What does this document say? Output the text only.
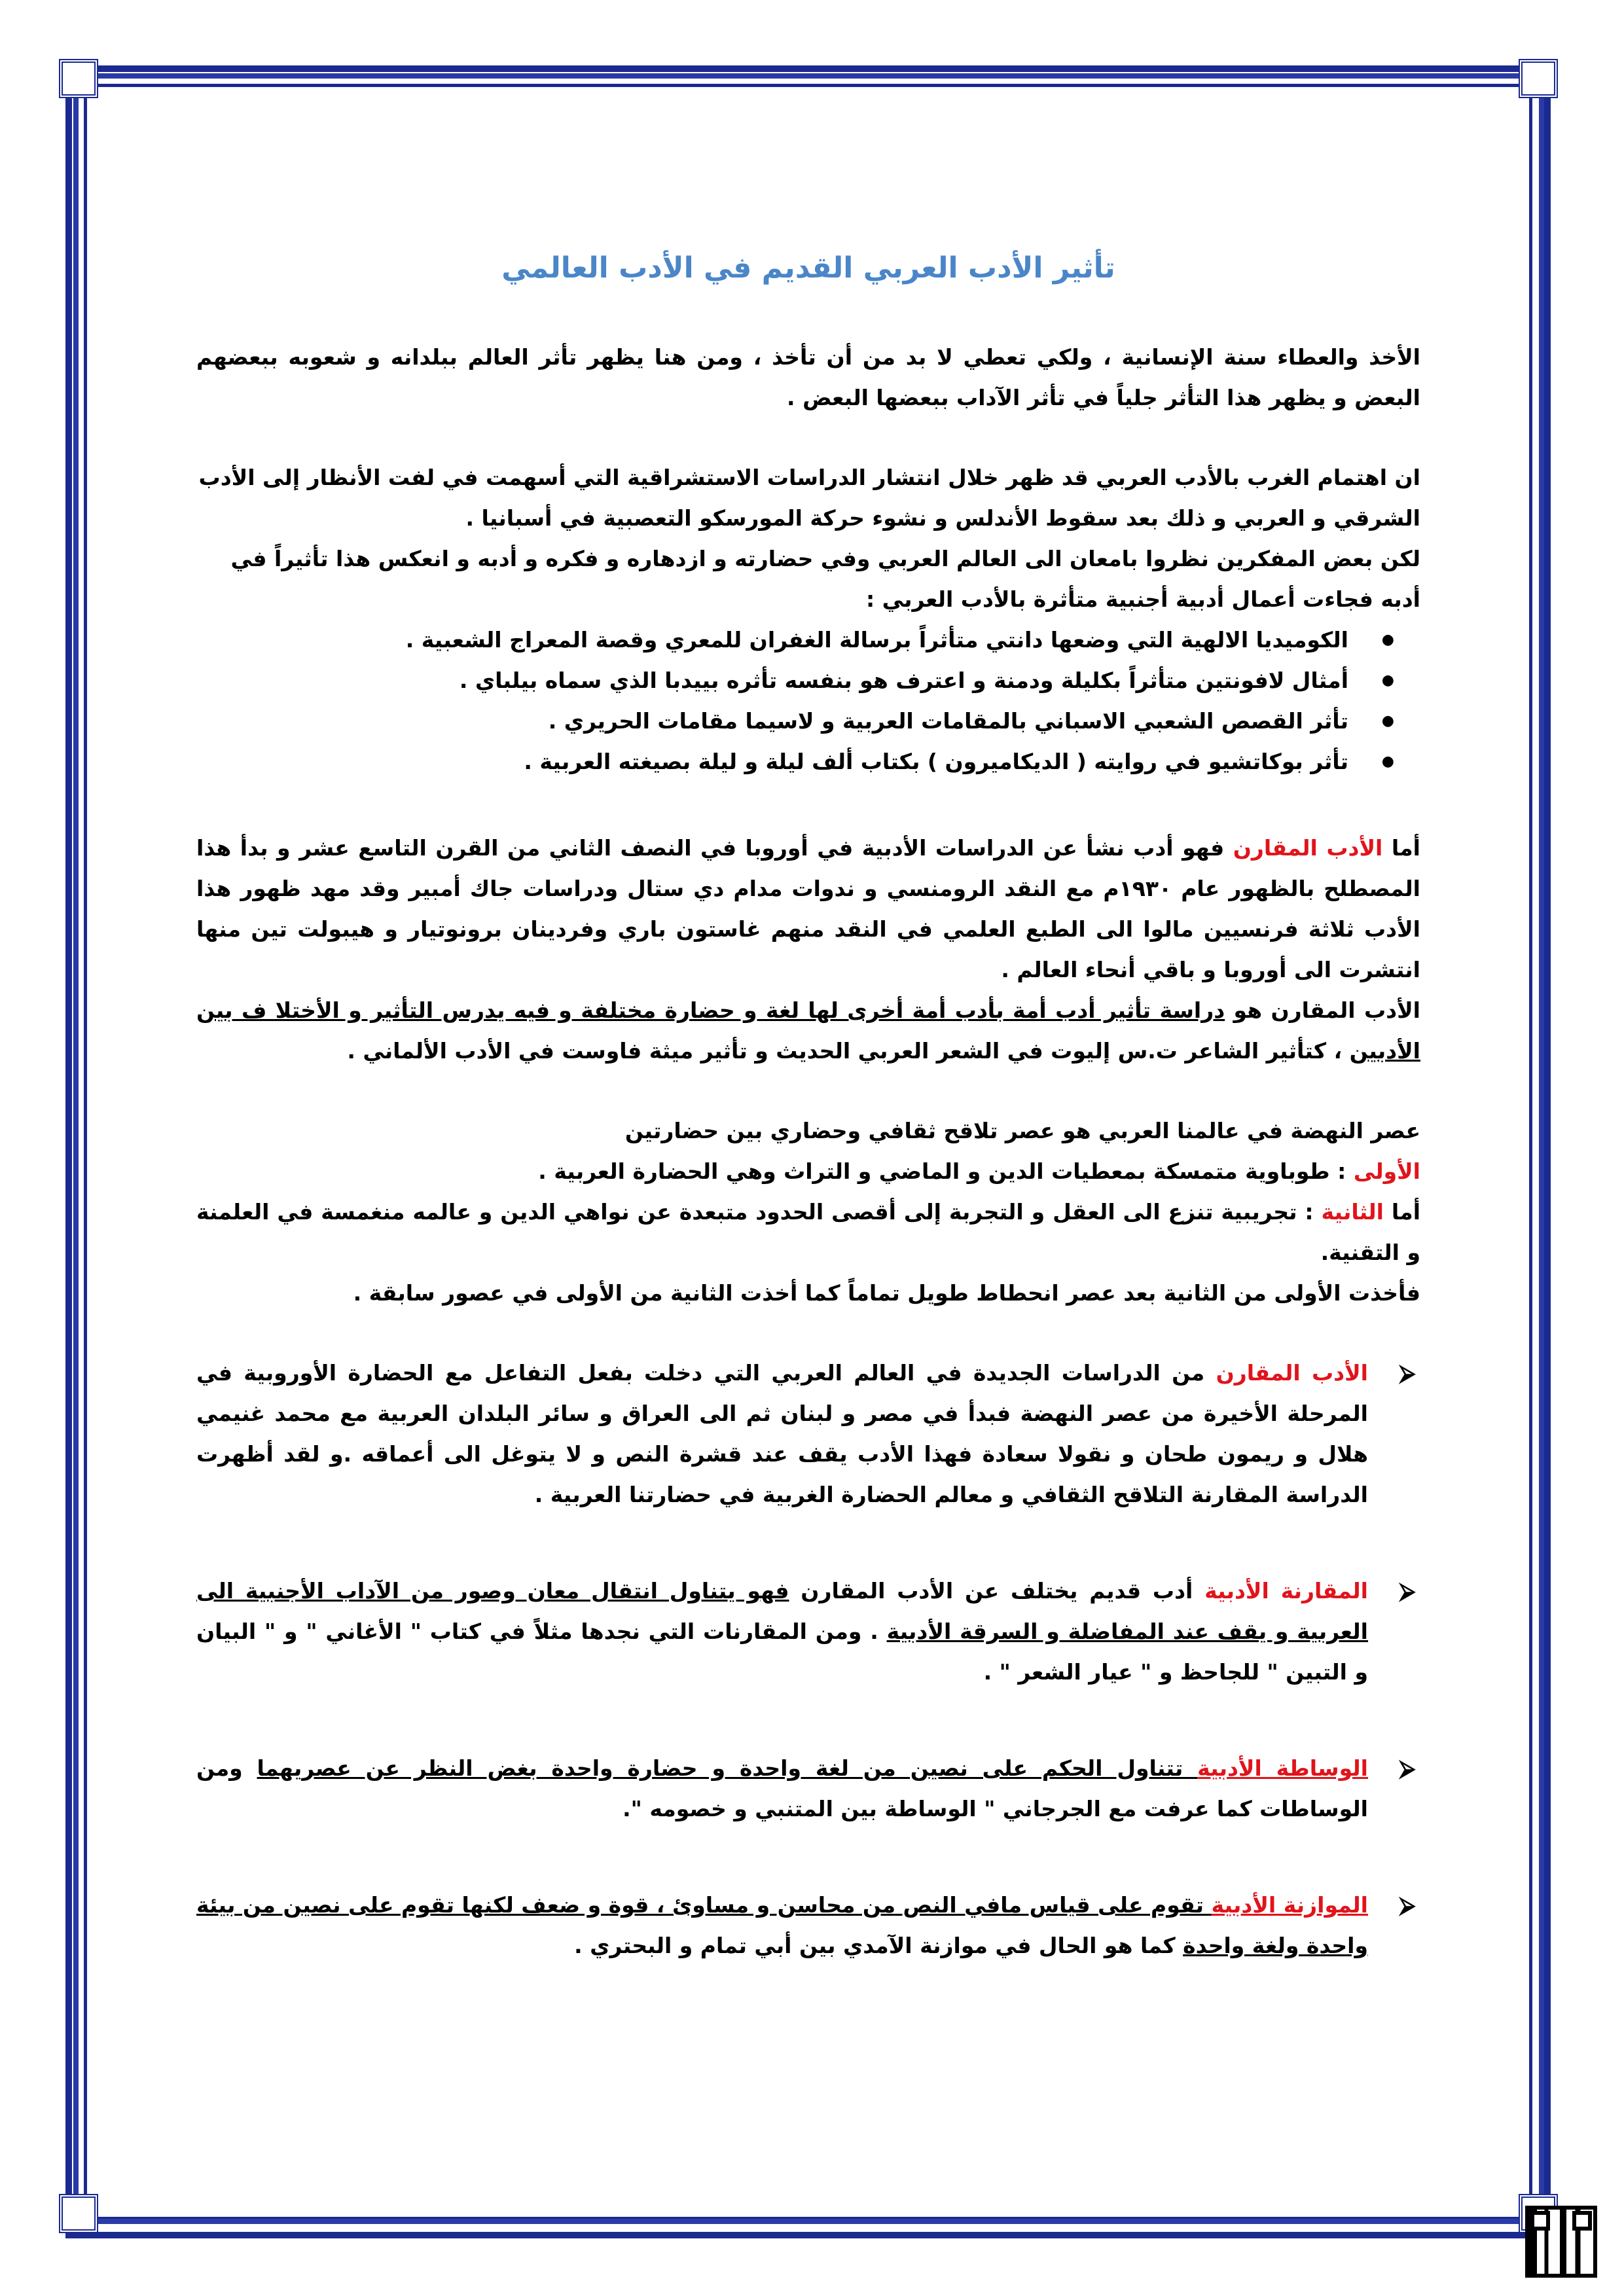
تأثير الأدب العربي القديم في الأدب العالمي

الأخذ والعطاء سنة الإنسانية ، ولكي تعطي لا بد من أن تأخذ ، ومن هنا يظهر تأثر العالم ببلدانه و شعوبه ببعضهم البعض و يظهر هذا التأثر جلياً في تأثر الآداب ببعضها البعض .

ان اهتمام الغرب بالأدب العربي قد ظهر خلال انتشار الدراسات الاستشراقية التي أسهمت في لفت الأنظار إلى الأدب الشرقي و العربي و ذلك بعد سقوط الأندلس و نشوء حركة المورسكو التعصبية في أسبانيا .

لكن بعض المفكرين نظروا بامعان الى العالم العربي وفي حضارته و ازدهاره و فكره و أدبه و انعكس هذا تأثيراً في أدبه فجاءت أعمال أدبية أجنبية متأثرة بالأدب العربي :

● الكوميديا الالهية التي وضعها دانتي متأثراً برسالة الغفران للمعري وقصة المعراج الشعبية .
● أمثال لافونتين متأثراً بكليلة ودمنة و اعترف هو بنفسه تأثره بييدبا الذي سماه بيلباي .
● تأثر القصص الشعبي الاسباني بالمقامات العربية و لاسيما مقامات الحريري .
● تأثر بوكاتشيو في روايته ( الديكاميرون ) بكتاب ألف ليلة و ليلة بصيغته العربية .

أما الأدب المقارن فهو أدب نشأ عن الدراسات الأدبية في أوروبا في النصف الثاني من القرن التاسع عشر و بدأ هذا المصطلح بالظهور عام ١٩٣٠م مع النقد الرومنسي و ندوات مدام دي ستال ودراسات جاك أمبير وقد مهد ظهور هذا الأدب ثلاثة فرنسيين مالوا الى الطبع العلمي في النقد منهم غاستون باري وفردينان برونوتيار و هيبولت تين منها انتشرت الى أوروبا و باقي أنحاء العالم .

الأدب المقارن هو دراسة تأثير أدب أمة بأدب أمة أخرى لها لغة و حضارة مختلفة و فيه يدرس التأثير و الأختلا ف بين الأدبين ، كتأثير الشاعر ت.س إليوت في الشعر العربي الحديث و تأثير ميثة فاوست في الأدب الألماني .

عصر النهضة في عالمنا العربي هو عصر تلاقح ثقافي وحضاري بين حضارتين

الأولى : طوباوية متمسكة بمعطيات الدين و الماضي و التراث وهي الحضارة العربية .

أما الثانية : تجريبية تنزع الى العقل و التجربة إلى أقصى الحدود متبعدة عن نواهي الدين و عالمه منغمسة في العلمنة و التقنية.

فأخذت الأولى من الثانية بعد عصر انحطاط طويل تماماً كما أخذت الثانية من الأولى في عصور سابقة .

⮚
الأدب المقارن من الدراسات الجديدة في العالم العربي التي دخلت بفعل التفاعل مع الحضارة الأوروبية في المرحلة الأخيرة من عصر النهضة فبدأ في مصر و لبنان ثم الى العراق و سائر البلدان العربية مع محمد غنيمي هلال و ريمون طحان و نقولا سعادة فهذا الأدب يقف عند قشرة النص و لا يتوغل الى أعماقه .و لقد أظهرت الدراسة المقارنة التلاقح الثقافي و معالم الحضارة الغربية في حضارتنا العربية .
⮚
المقارنة الأدبية أدب قديم يختلف عن الأدب المقارن فهو يتناول انتقال معان وصور من الآداب الأجنبية الى العربية و يقف عند المفاضلة و السرقة الأدبية . ومن المقارنات التي نجدها مثلاً في كتاب " الأغاني " و " البيان و التبين " للجاحظ و " عيار الشعر " .
⮚
الوساطة الأدبية تتناول الحكم على نصين من لغة واحدة و حضارة واحدة بغض النظر عن عصريهما ومن الوساطات كما عرفت مع الجرجاني " الوساطة بين المتنبي و خصومه ".
⮚
الموازنة الأدبية تقوم على قياس مافي النص من محاسن و مساوئ ، قوة و ضعف لكنها تقوم على نصين من بيئة واحدة ولغة واحدة كما هو الحال في موازنة الآمدي بين أبي تمام و البحتري .
